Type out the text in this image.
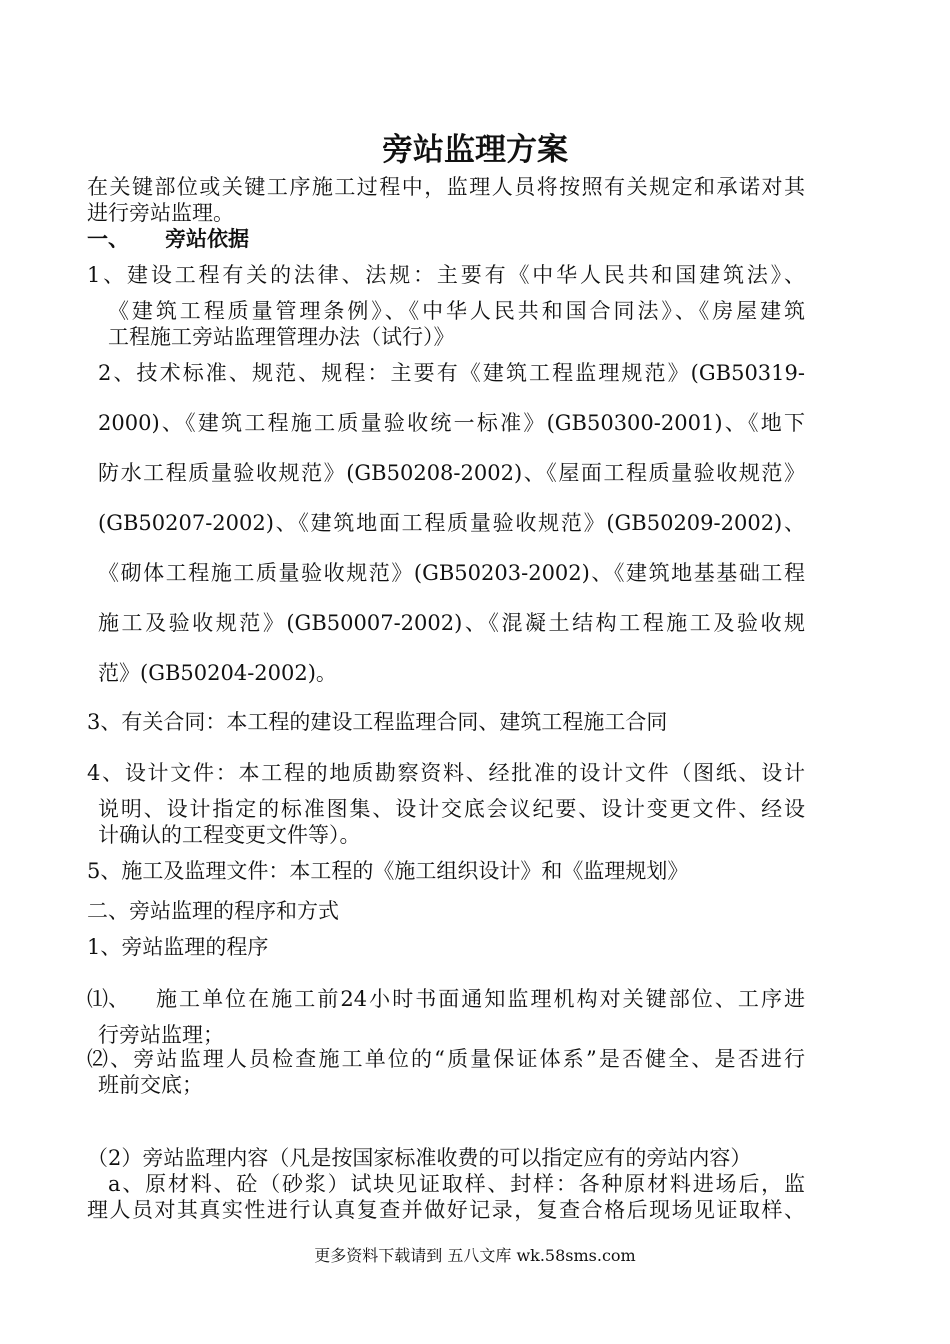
旁站监理方案
在关键部位或关键工序施工过程中，监理人员将按照有关规定和承诺对其
进行旁站监理。
一、 旁站依据
1、建设工程有关的法律、法规：主要有《中华人民共和国建筑法》、
《建筑工程质量管理条例》、《中华人民共和国合同法》、《房屋建筑
工程施工旁站监理管理办法（试行）》
2、技术标准、规范、规程：主要有《建筑工程监理规范》(GB50319-
2000)、《建筑工程施工质量验收统一标准》(GB50300-2001)、《地下
防水工程质量验收规范》(GB50208-2002)、《屋面工程质量验收规范》
(GB50207-2002)、《建筑地面工程质量验收规范》(GB50209-2002)、
《砌体工程施工质量验收规范》(GB50203-2002)、《建筑地基基础工程
施工及验收规范》(GB50007-2002)、《混凝土结构工程施工及验收规
范》(GB50204-2002)。
3、有关合同：本工程的建设工程监理合同、建筑工程施工合同
4、设计文件：本工程的地质勘察资料、经批准的设计文件（图纸、设计
说明、设计指定的标准图集、设计交底会议纪要、设计变更文件、经设
计确认的工程变更文件等）。
5、施工及监理文件：本工程的《施工组织设计》和《监理规划》
二、旁站监理的程序和方式
1、旁站监理的程序
⑴、 施工单位在施工前24小时书面通知监理机构对关键部位、工序进
行旁站监理；
⑵、旁站监理人员检查施工单位的“质量保证体系”是否健全、是否进行
班前交底；
（2）旁站监理内容（凡是按国家标准收费的可以指定应有的旁站内容）
a、原材料、砼（砂浆）试块见证取样、封样：各种原材料进场后，监
理人员对其真实性进行认真复查并做好记录，复查合格后现场见证取样、
更多资料下载请到 五八文库 wk.58sms.com
